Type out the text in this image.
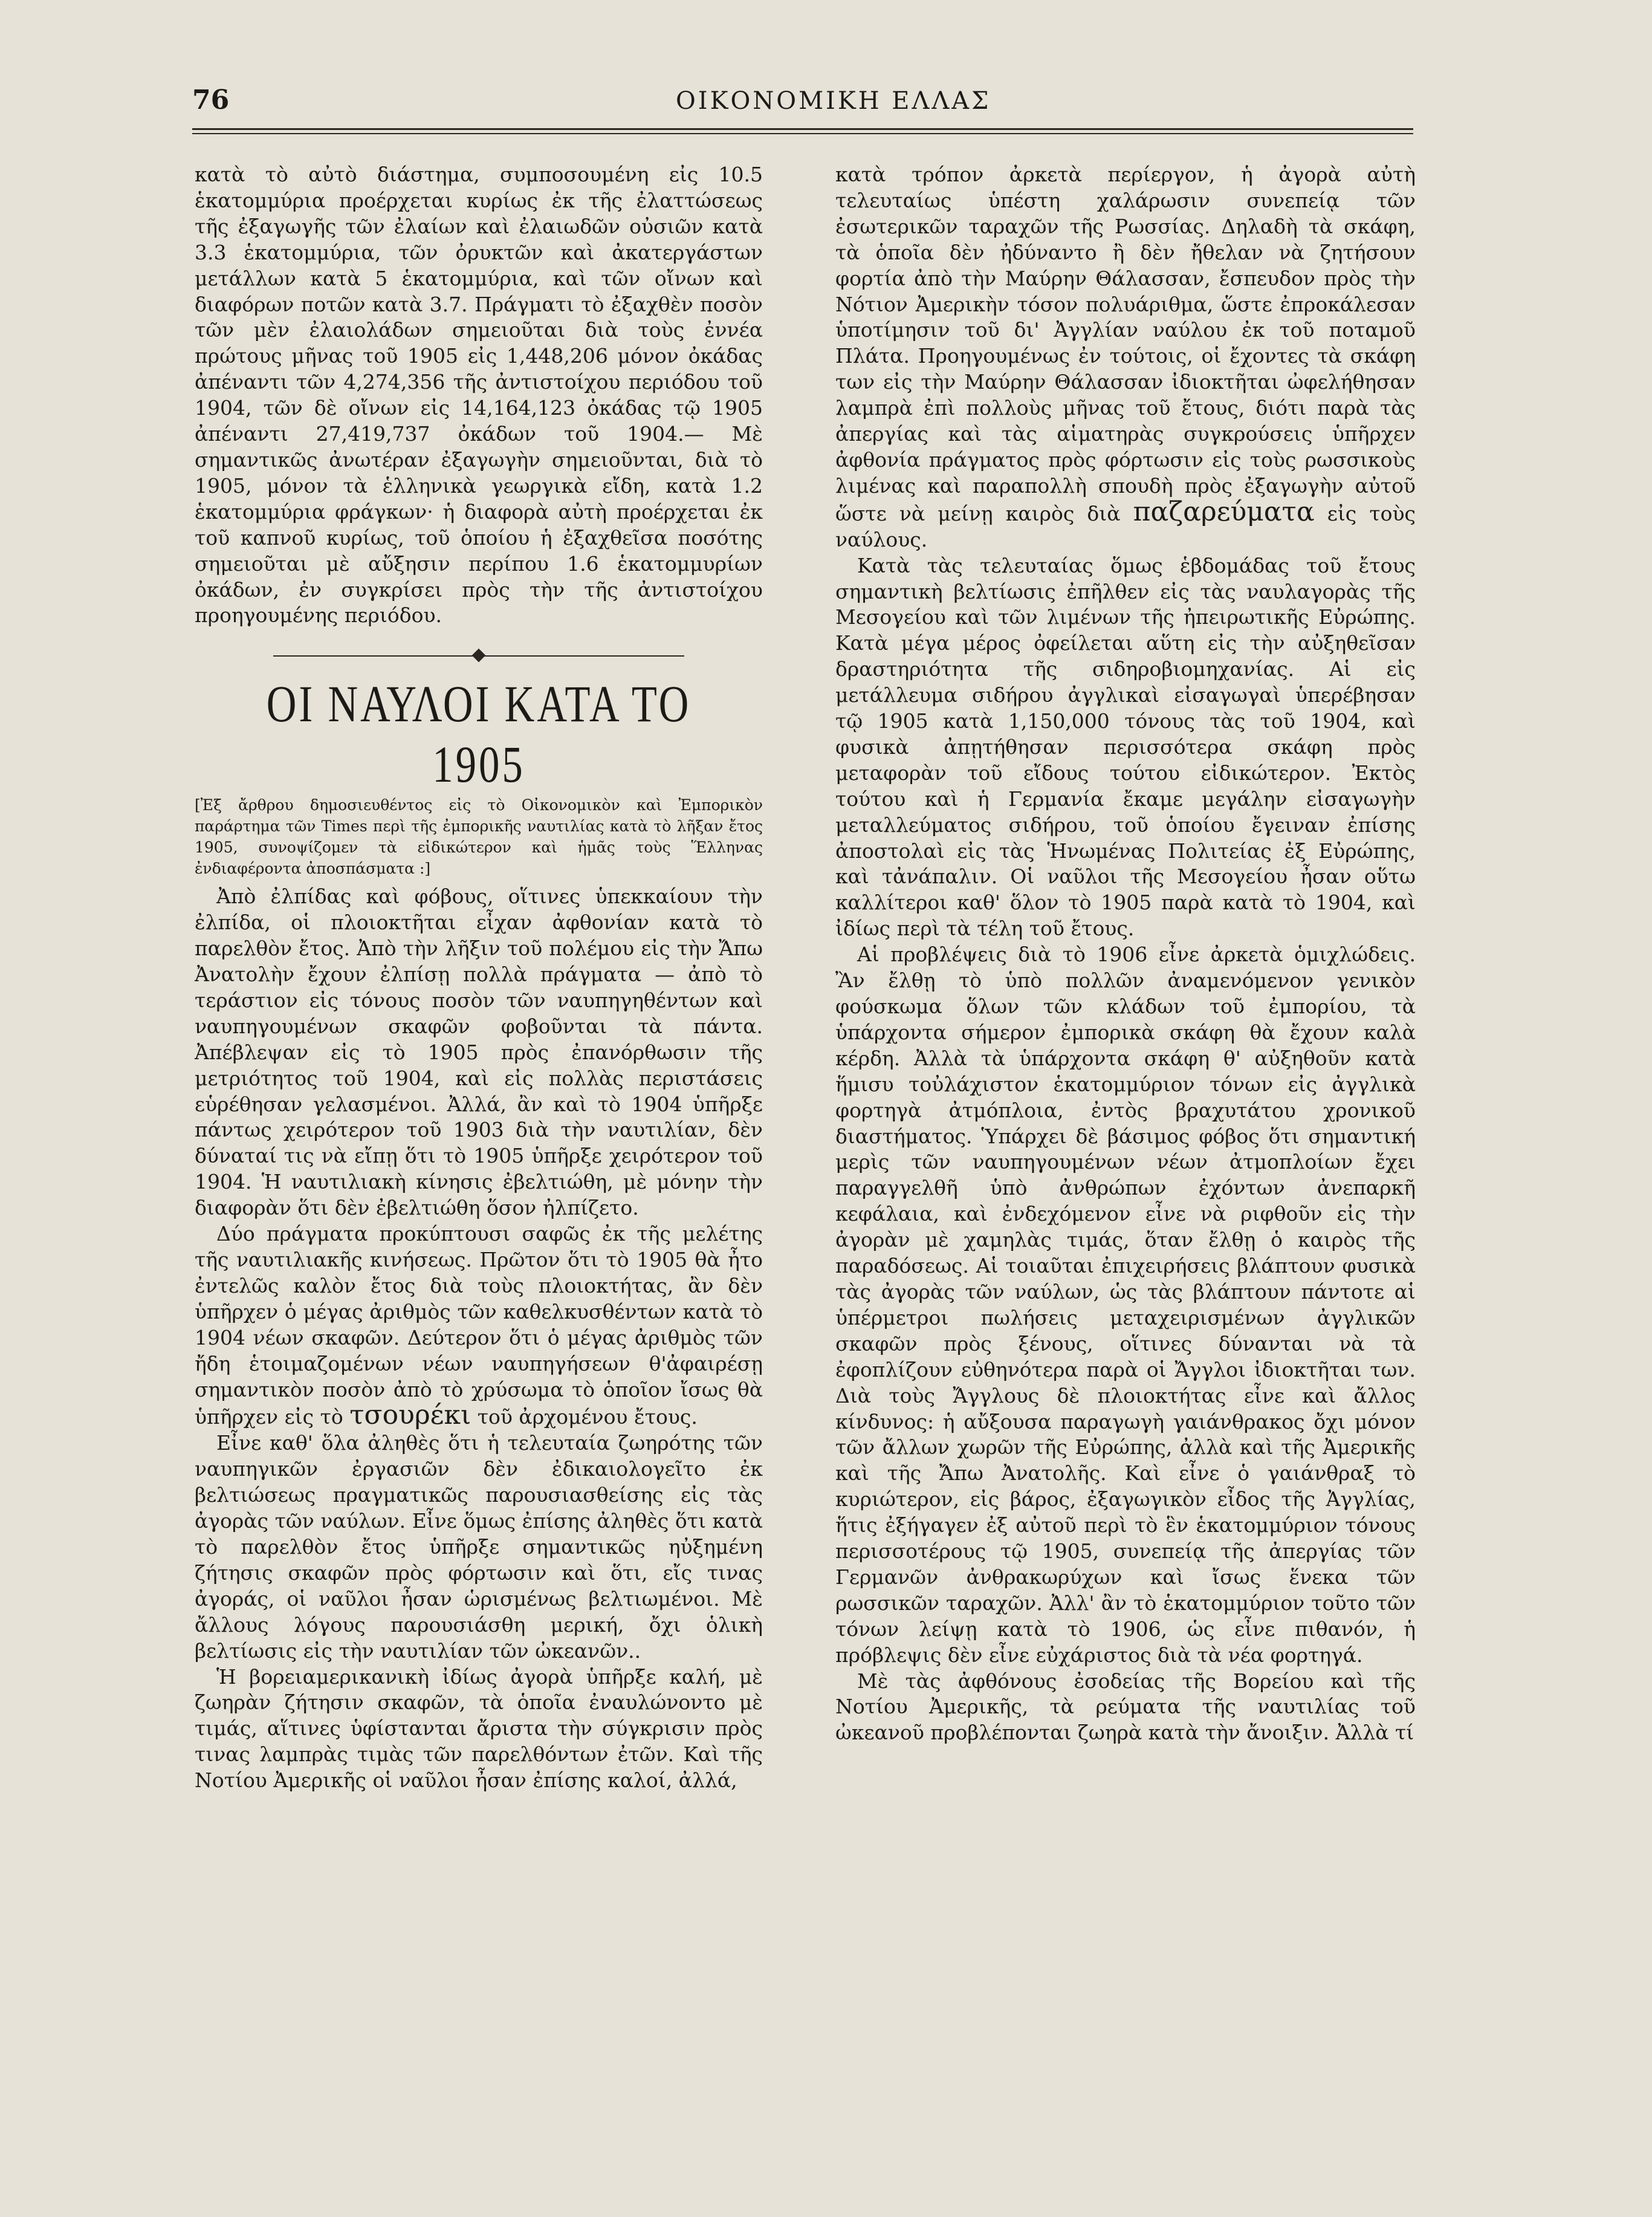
76	ΟΙΚΟΝΟΜΙΚΗ ΕΛΛΑΣ

κατὰ τὸ αὐτὸ διάστημα, συμποσουμένη εἰς 10.5 ἑκατομμύρια προέρχεται κυρίως ἐκ τῆς ἐλαττώσεως τῆς ἐξαγωγῆς τῶν ἐλαίων καὶ ἐλαιωδῶν οὐσιῶν κατὰ 3.3 ἑκατομμύρια, τῶν ὀρυκτῶν καὶ ἀκατεργάστων μετάλλων κατὰ 5 ἑκατομμύρια, καὶ τῶν οἴνων καὶ διαφόρων ποτῶν κατὰ 3.7. Πράγματι τὸ ἐξαχθὲν ποσὸν τῶν μὲν ἐλαιολάδων σημειοῦται διὰ τοὺς ἐννέα πρώτους μῆνας τοῦ 1905 εἰς 1,448,206 μόνον ὀκάδας ἀπέναντι τῶν 4,274,356 τῆς ἀντιστοίχου περιόδου τοῦ 1904, τῶν δὲ οἴνων εἰς 14,164,123 ὀκάδας τῷ 1905 ἀπέναντι 27,419,737 ὀκάδων τοῦ 1904.— Μὲ σημαντικῶς ἀνωτέραν ἐξαγωγὴν σημειοῦνται, διὰ τὸ 1905, μόνον τὰ ἑλληνικὰ γεωργικὰ εἴδη, κατὰ 1.2 ἑκατομμύρια φράγκων· ἡ διαφορὰ αὐτὴ προέρχεται ἐκ τοῦ καπνοῦ κυρίως, τοῦ ὁποίου ἡ ἐξαχθεῖσα ποσότης σημειοῦται μὲ αὔξησιν περίπου 1.6 ἑκατομμυρίων ὀκάδων, ἐν συγκρίσει πρὸς τὴν τῆς ἀντιστοίχου προηγουμένης περιόδου.

ΟΙ ΝΑΥΛΟΙ ΚΑΤΑ ΤΟ 1905

[Ἐξ ἄρθρου δημοσιευθέντος εἰς τὸ Οἰκονομικὸν καὶ Ἐμπορικὸν παράρτημα τῶν Times περὶ τῆς ἐμπορικῆς ναυτιλίας κατὰ τὸ λῆξαν ἔτος 1905, συνοψίζομεν τὰ εἰδικώτερον καὶ ἡμᾶς τοὺς Ἕλληνας ἐνδιαφέροντα ἀποσπάσματα :]

Ἀπὸ ἐλπίδας καὶ φόβους, οἵτινες ὑπεκκαίουν τὴν ἐλπίδα, οἱ πλοιοκτῆται εἶχαν ἀφθονίαν κατὰ τὸ παρελθὸν ἔτος. Ἀπὸ τὴν λῆξιν τοῦ πολέμου εἰς τὴν Ἄπω Ἀνατολὴν ἔχουν ἐλπίσῃ πολλὰ πράγματα — ἀπὸ τὸ τεράστιον εἰς τόνους ποσὸν τῶν ναυπηγηθέντων καὶ ναυπηγουμένων σκαφῶν φοβοῦνται τὰ πάντα. Ἀπέβλεψαν εἰς τὸ 1905 πρὸς ἐπανόρθωσιν τῆς μετριότητος τοῦ 1904, καὶ εἰς πολλὰς περιστάσεις εὑρέθησαν γελασμένοι. Ἀλλά, ἂν καὶ τὸ 1904 ὑπῆρξε πάντως χειρότερον τοῦ 1903 διὰ τὴν ναυτιλίαν, δὲν δύναταί τις νὰ εἴπῃ ὅτι τὸ 1905 ὑπῆρξε χειρότερον τοῦ 1904. Ἡ ναυτιλιακὴ κίνησις ἐβελτιώθη, μὲ μόνην τὴν διαφορὰν ὅτι δὲν ἐβελτιώθη ὅσον ἠλπίζετο.

Δύο πράγματα προκύπτουσι σαφῶς ἐκ τῆς μελέτης τῆς ναυτιλιακῆς κινήσεως. Πρῶτον ὅτι τὸ 1905 θὰ ἦτο ἐντελῶς καλὸν ἔτος διὰ τοὺς πλοιοκτήτας, ἂν δὲν ὑπῆρχεν ὁ μέγας ἀριθμὸς τῶν καθελκυσθέντων κατὰ τὸ 1904 νέων σκαφῶν. Δεύτερον ὅτι ὁ μέγας ἀριθμὸς τῶν ἤδη ἑτοιμαζομένων νέων ναυπηγήσεων θ'ἀφαιρέσῃ σημαντικὸν ποσὸν ἀπὸ τὸ χρύσωμα τὸ ὁποῖον ἴσως θὰ ὑπῆρχεν εἰς τὸ τσουρέκι τοῦ ἀρχομένου ἔτους.

Εἶνε καθ' ὅλα ἀληθὲς ὅτι ἡ τελευταία ζωηρότης τῶν ναυπηγικῶν ἐργασιῶν δὲν ἐδικαιολογεῖτο ἐκ βελτιώσεως πραγματικῶς παρουσιασθείσης εἰς τὰς ἀγορὰς τῶν ναύλων. Εἶνε ὅμως ἐπίσης ἀληθὲς ὅτι κατὰ τὸ παρελθὸν ἔτος ὑπῆρξε σημαντικῶς ηὐξημένη ζήτησις σκαφῶν πρὸς φόρτωσιν καὶ ὅτι, εἴς τινας ἀγοράς, οἱ ναῦλοι ἦσαν ὡρισμένως βελτιωμένοι. Μὲ ἄλλους λόγους παρουσιάσθη μερική, ὄχι ὁλικὴ βελτίωσις εἰς τὴν ναυτιλίαν τῶν ὠκεανῶν..

Ἡ βορειαμερικανικὴ ἰδίως ἀγορὰ ὑπῆρξε καλή, μὲ ζωηρὰν ζήτησιν σκαφῶν, τὰ ὁποῖα ἐναυλώνοντο μὲ τιμάς, αἵτινες ὑφίστανται ἄριστα τὴν σύγκρισιν πρὸς τινας λαμπρὰς τιμὰς τῶν παρελθόντων ἐτῶν. Καὶ τῆς Νοτίου Ἀμερικῆς οἱ ναῦλοι ἦσαν ἐπίσης καλοί, ἀλλά,

κατὰ τρόπον ἀρκετὰ περίεργον, ἡ ἀγορὰ αὐτὴ τελευταίως ὑπέστη χαλάρωσιν συνεπείᾳ τῶν ἐσωτερικῶν ταραχῶν τῆς Ρωσσίας. Δηλαδὴ τὰ σκάφη, τὰ ὁποῖα δὲν ἠδύναντο ἢ δὲν ἤθελαν νὰ ζητήσουν φορτία ἀπὸ τὴν Μαύρην Θάλασσαν, ἔσπευδον πρὸς τὴν Νότιον Ἀμερικὴν τόσον πολυάριθμα, ὥστε ἐπροκάλεσαν ὑποτίμησιν τοῦ δι' Ἀγγλίαν ναύλου ἐκ τοῦ ποταμοῦ Πλάτα. Προηγουμένως ἐν τούτοις, οἱ ἔχοντες τὰ σκάφη των εἰς τὴν Μαύρην Θάλασσαν ἰδιοκτῆται ὠφελήθησαν λαμπρὰ ἐπὶ πολλοὺς μῆνας τοῦ ἔτους, διότι παρὰ τὰς ἀπεργίας καὶ τὰς αἱματηρὰς συγκρούσεις ὑπῆρχεν ἀφθονία πράγματος πρὸς φόρτωσιν εἰς τοὺς ρωσσικοὺς λιμένας καὶ παραπολλὴ σπουδὴ πρὸς ἐξαγωγὴν αὐτοῦ ὥστε νὰ μείνῃ καιρὸς διὰ παζαρεύματα εἰς τοὺς ναύλους.

Κατὰ τὰς τελευταίας ὅμως ἑβδομάδας τοῦ ἔτους σημαντικὴ βελτίωσις ἐπῆλθεν εἰς τὰς ναυλαγορὰς τῆς Μεσογείου καὶ τῶν λιμένων τῆς ἠπειρωτικῆς Εὐρώπης. Κατὰ μέγα μέρος ὀφείλεται αὕτη εἰς τὴν αὐξηθεῖσαν δραστηριότητα τῆς σιδηροβιομηχανίας. Αἱ εἰς μετάλλευμα σιδήρου ἀγγλικαὶ εἰσαγωγαὶ ὑπερέβησαν τῷ 1905 κατὰ 1,150,000 τόνους τὰς τοῦ 1904, καὶ φυσικὰ ἀπῃτήθησαν περισσότερα σκάφη πρὸς μεταφορὰν τοῦ εἴδους τούτου εἰδικώτερον. Ἐκτὸς τούτου καὶ ἡ Γερμανία ἔκαμε μεγάλην εἰσαγωγὴν μεταλλεύματος σιδήρου, τοῦ ὁποίου ἔγειναν ἐπίσης ἀποστολαὶ εἰς τὰς Ἡνωμένας Πολιτείας ἐξ Εὐρώπης, καὶ τἀνάπαλιν. Οἱ ναῦλοι τῆς Μεσογείου ἦσαν οὕτω καλλίτεροι καθ' ὅλον τὸ 1905 παρὰ κατὰ τὸ 1904, καὶ ἰδίως περὶ τὰ τέλη τοῦ ἔτους.

Αἱ προβλέψεις διὰ τὸ 1906 εἶνε ἀρκετὰ ὁμιχλώδεις. Ἂν ἔλθῃ τὸ ὑπὸ πολλῶν ἀναμενόμενον γενικὸν φούσκωμα ὅλων τῶν κλάδων τοῦ ἐμπορίου, τὰ ὑπάρχοντα σήμερον ἐμπορικὰ σκάφη θὰ ἔχουν καλὰ κέρδη. Ἀλλὰ τὰ ὑπάρχοντα σκάφη θ' αὐξηθοῦν κατὰ ἥμισυ τοὐλάχιστον ἑκατομμύριον τόνων εἰς ἀγγλικὰ φορτηγὰ ἀτμόπλοια, ἐντὸς βραχυτάτου χρονικοῦ διαστήματος. Ὑπάρχει δὲ βάσιμος φόβος ὅτι σημαντική μερὶς τῶν ναυπηγουμένων νέων ἀτμοπλοίων ἔχει παραγγελθῆ ὑπὸ ἀνθρώπων ἐχόντων ἀνεπαρκῆ κεφάλαια, καὶ ἐνδεχόμενον εἶνε νὰ ριφθοῦν εἰς τὴν ἀγορὰν μὲ χαμηλὰς τιμάς, ὅταν ἔλθῃ ὁ καιρὸς τῆς παραδόσεως. Αἱ τοιαῦται ἐπιχειρήσεις βλάπτουν φυσικὰ τὰς ἀγορὰς τῶν ναύλων, ὡς τὰς βλάπτουν πάντοτε αἱ ὑπέρμετροι πωλήσεις μεταχειρισμένων ἀγγλικῶν σκαφῶν πρὸς ξένους, οἵτινες δύνανται νὰ τὰ ἐφοπλίζουν εὐθηνότερα παρὰ οἱ Ἄγγλοι ἰδιοκτῆται των. Διὰ τοὺς Ἄγγλους δὲ πλοιοκτήτας εἶνε καὶ ἄλλος κίνδυνος: ἡ αὔξουσα παραγωγὴ γαιάνθρακος ὄχι μόνον τῶν ἄλλων χωρῶν τῆς Εὐρώπης, ἀλλὰ καὶ τῆς Ἀμερικῆς καὶ τῆς Ἄπω Ἀνατολῆς. Καὶ εἶνε ὁ γαιάνθραξ τὸ κυριώτερον, εἰς βάρος, ἐξαγωγικὸν εἶδος τῆς Ἀγγλίας, ἥτις ἐξήγαγεν ἐξ αὐτοῦ περὶ τὸ ἓν ἑκατομμύριον τόνους περισσοτέρους τῷ 1905, συνεπείᾳ τῆς ἀπεργίας τῶν Γερμανῶν ἀνθρακωρύχων καὶ ἴσως ἕνεκα τῶν ρωσσικῶν ταραχῶν. Ἀλλ' ἂν τὸ ἑκατομμύριον τοῦτο τῶν τόνων λείψῃ κατὰ τὸ 1906, ὡς εἶνε πιθανόν, ἡ πρόβλεψις δὲν εἶνε εὐχάριστος διὰ τὰ νέα φορτηγά.

Μὲ τὰς ἀφθόνους ἐσοδείας τῆς Βορείου καὶ τῆς Νοτίου Ἀμερικῆς, τὰ ρεύματα τῆς ναυτιλίας τοῦ ὠκεανοῦ προβλέπονται ζωηρὰ κατὰ τὴν ἄνοιξιν. Ἀλλὰ τί
